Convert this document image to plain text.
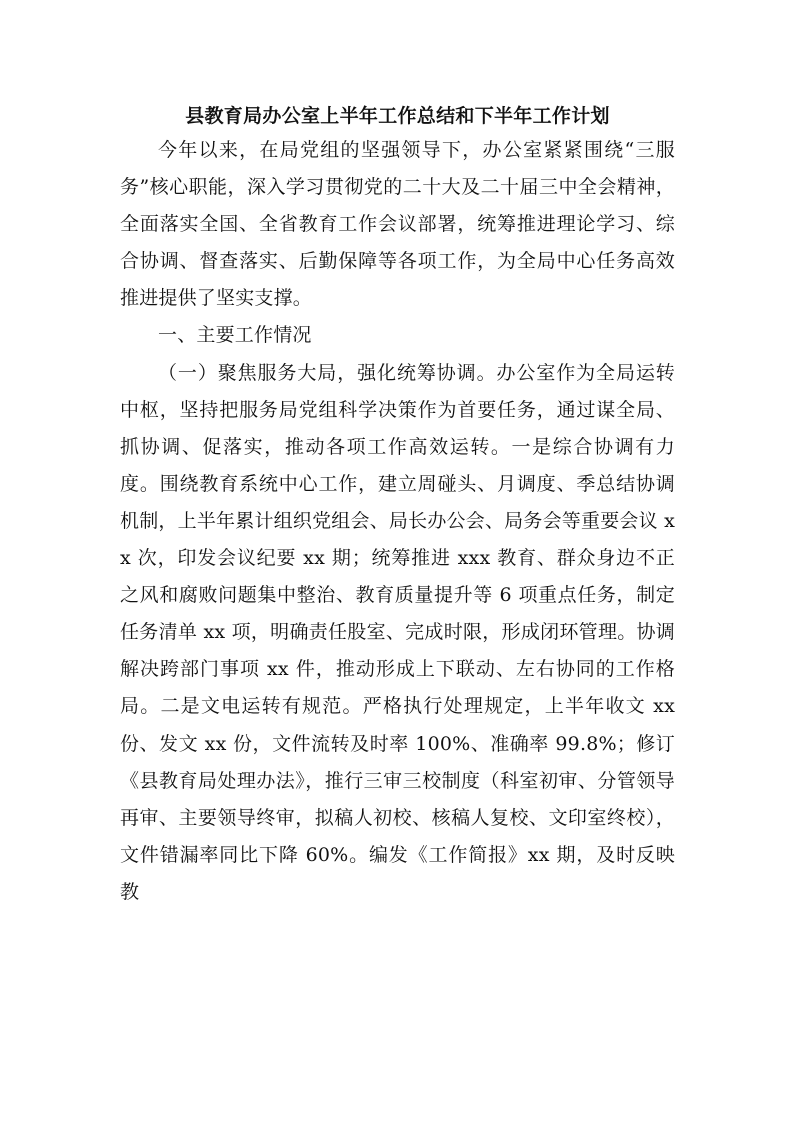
县教育局办公室上半年工作总结和下半年工作计划

今年以来，在局党组的坚强领导下，办公室紧紧围绕“三服务”核心职能，深入学习贯彻党的二十大及二十届三中全会精神，全面落实全国、全省教育工作会议部署，统筹推进理论学习、综合协调、督查落实、后勤保障等各项工作，为全局中心任务高效推进提供了坚实支撑。

一、主要工作情况

（一）聚焦服务大局，强化统筹协调。办公室作为全局运转中枢，坚持把服务局党组科学决策作为首要任务，通过谋全局、抓协调、促落实，推动各项工作高效运转。一是综合协调有力度。围绕教育系统中心工作，建立周碰头、月调度、季总结协调机制，上半年累计组织党组会、局长办公会、局务会等重要会议 xx 次，印发会议纪要 xx 期；统筹推进 xxx 教育、群众身边不正之风和腐败问题集中整治、教育质量提升等 6 项重点任务，制定任务清单 xx 项，明确责任股室、完成时限，形成闭环管理。协调解决跨部门事项 xx 件，推动形成上下联动、左右协同的工作格局。二是文电运转有规范。严格执行处理规定，上半年收文 xx 份、发文 xx 份，文件流转及时率 100%、准确率 99.8%；修订《县教育局处理办法》，推行三审三校制度（科室初审、分管领导再审、主要领导终审，拟稿人初校、核稿人复校、文印室终校），文件错漏率同比下降 60%。编发《工作简报》xx 期，及时反映教
